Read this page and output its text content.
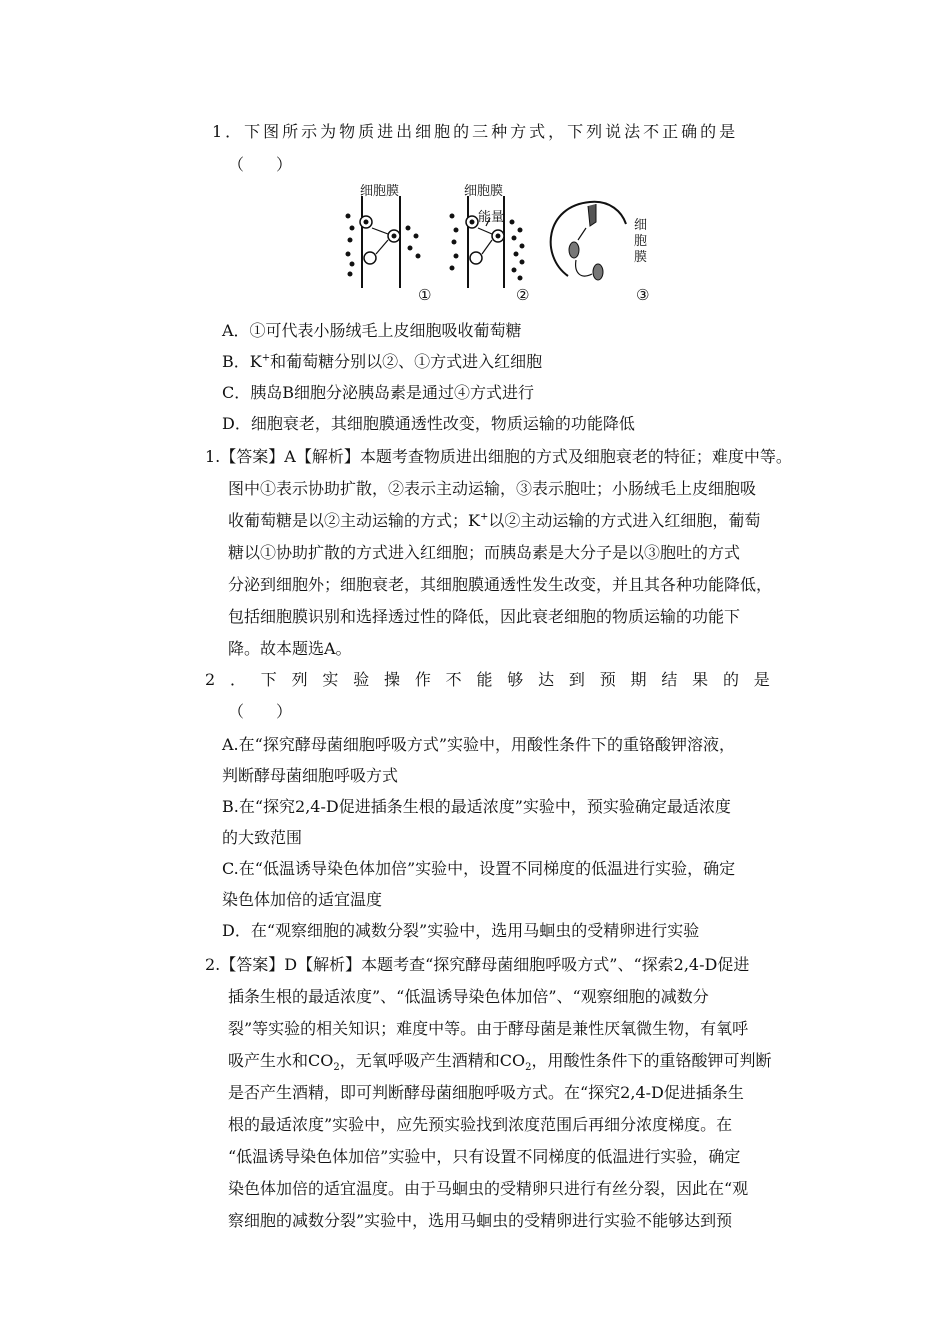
1．下图所示为物质进出细胞的三种方式，下列说法不正确的是
（　　）
细胞膜	细胞膜
能量
细
胞
膜
①	②	③
A．①可代表小肠绒毛上皮细胞吸收葡萄糖
B．K+和葡萄糖分别以②、①方式进入红细胞
C．胰岛B细胞分泌胰岛素是通过④方式进行
D．细胞衰老，其细胞膜通透性改变，物质运输的功能降低
1.【答案】A【解析】本题考查物质进出细胞的方式及细胞衰老的特征；难度中等。
图中①表示协助扩散，②表示主动运输，③表示胞吐；小肠绒毛上皮细胞吸
收葡萄糖是以②主动运输的方式；K+以②主动运输的方式进入红细胞，葡萄
糖以①协助扩散的方式进入红细胞；而胰岛素是大分子是以③胞吐的方式
分泌到细胞外；细胞衰老，其细胞膜通透性发生改变，并且其各种功能降低，
包括细胞膜识别和选择透过性的降低，因此衰老细胞的物质运输的功能下
降。故本题选A。
2 ． 下 列 实 验 操 作 不 能 够 达 到 预 期 结 果 的 是
（　　）
A.在“探究酵母菌细胞呼吸方式”实验中，用酸性条件下的重铬酸钾溶液，
判断酵母菌细胞呼吸方式
B.在“探究2,4-D促进插条生根的最适浓度”实验中，预实验确定最适浓度
的大致范围
C.在“低温诱导染色体加倍”实验中，设置不同梯度的低温进行实验，确定
染色体加倍的适宜温度
D．在“观察细胞的减数分裂”实验中，选用马蛔虫的受精卵进行实验
2.【答案】D【解析】本题考查“探究酵母菌细胞呼吸方式”、“探索2,4-D促进
插条生根的最适浓度”、“低温诱导染色体加倍”、“观察细胞的减数分
裂”等实验的相关知识；难度中等。由于酵母菌是兼性厌氧微生物，有氧呼
吸产生水和$CO_2$，无氧呼吸产生酒精和$CO_2$，用酸性条件下的重铬酸钾可判断
是否产生酒精，即可判断酵母菌细胞呼吸方式。在“探究2,4-D促进插条生
根的最适浓度”实验中，应先预实验找到浓度范围后再细分浓度梯度。在
“低温诱导染色体加倍”实验中，只有设置不同梯度的低温进行实验，确定
染色体加倍的适宜温度。由于马蛔虫的受精卵只进行有丝分裂，因此在“观
察细胞的减数分裂”实验中，选用马蛔虫的受精卵进行实验不能够达到预
